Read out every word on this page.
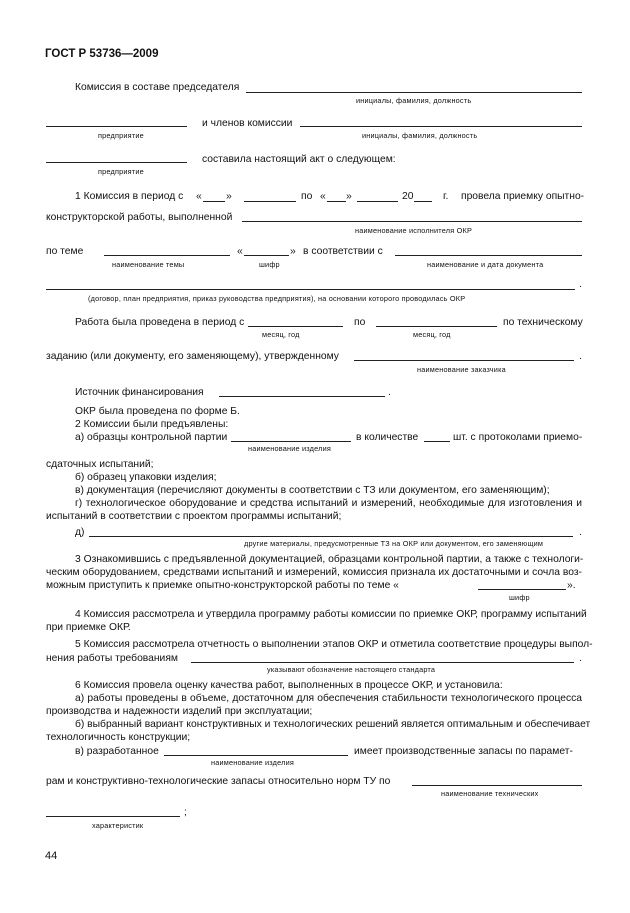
ГОСТ Р 53736—2009
Комиссия в составе председателя
инициалы, фамилия, должность
и членов комиссии
предприятие	инициалы, фамилия, должность
составила настоящий акт о следующем:
предприятие
1 Комиссия в период с « »	по « »	20	г. провела приемку опытно-
конструкторской работы, выполненной
наименование исполнителя ОКР
по теме	«	» в соответствии с
наименование темы	шифр	наименование и дата документа
.
(договор, план предприятия, приказ руководства предприятия), на основании которого проводилась ОКР
Работа была проведена в период с	по	по техническому
месяц, год	месяц, год
заданию (или документу, его заменяющему), утвержденному	.
наименование заказчика
Источник финансирования	.
ОКР была проведена по форме Б.
2 Комиссии были предъявлены:
а) образцы контрольной партии	в количестве	шт. с протоколами приемо-
наименование изделия
сдаточных испытаний;
б) образец упаковки изделия;
в) документация (перечисляют документы в соответствии с ТЗ или документом, его заменяющим);
г) технологическое оборудование и средства испытаний и измерений, необходимые для изготовления и
испытаний в соответствии с проектом программы испытаний;
д)	.
другие материалы, предусмотренные ТЗ на ОКР или документом, его заменяющим
3 Ознакомившись с предъявленной документацией, образцами контрольной партии, а также с технологи-
ческим оборудованием, средствами испытаний и измерений, комиссия признала их достаточными и сочла воз-
можным приступить к приемке опытно-конструкторской работы по теме «	».
шифр
4 Комиссия рассмотрела и утвердила программу работы комиссии по приемке ОКР, программу испытаний
при приемке ОКР.
5 Комиссия рассмотрела отчетность о выполнении этапов ОКР и отметила соответствие процедуры выпол-
нения работы требованиям	.
указывают обозначение настоящего стандарта
6 Комиссия провела оценку качества работ, выполненных в процессе ОКР, и установила:
а) работы проведены в объеме, достаточном для обеспечения стабильности технологического процесса
производства и надежности изделий при эксплуатации;
б) выбранный вариант конструктивных и технологических решений является оптимальным и обеспечивает
технологичность конструкции;
в) разработанное	имеет производственные запасы по парамет-
наименование изделия
рам и конструктивно-технологические запасы относительно норм ТУ по
наименование технических
;
характеристик
44
